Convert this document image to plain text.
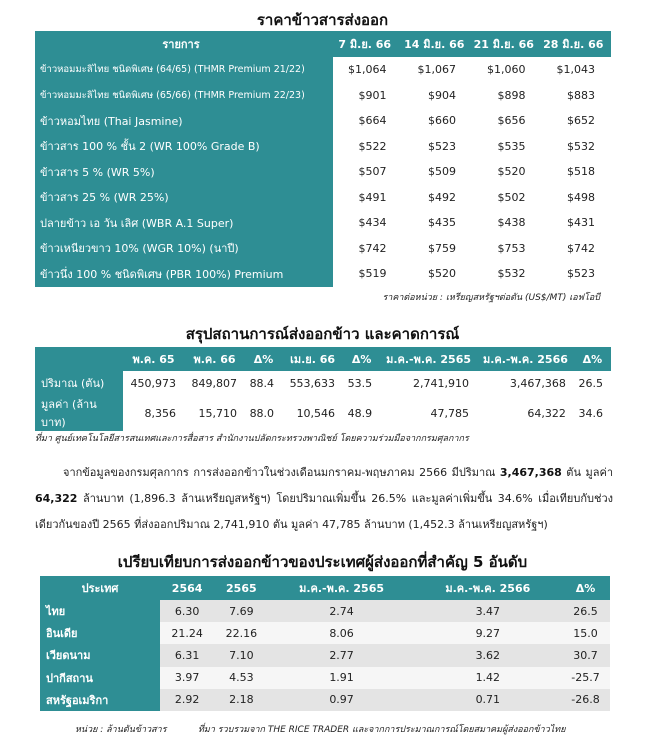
ราคาข้าวสารส่งออก
รายการ	7 มิ.ย. 66	14 มิ.ย. 66	21 มิ.ย. 66	28 มิ.ย. 66
ข้าวหอมมะลิไทย ชนิดพิเศษ (64/65) (THMR Premium 21/22)	$1,064	$1,067	$1,060	$1,043
ข้าวหอมมะลิไทย ชนิดพิเศษ (65/66) (THMR Premium 22/23)	$901	$904	$898	$883
ข้าวหอมไทย (Thai Jasmine)	$664	$660	$656	$652
ข้าวสาร 100 % ชั้น 2 (WR 100% Grade B)	$522	$523	$535	$532
ข้าวสาร 5 % (WR 5%)	$507	$509	$520	$518
ข้าวสาร 25 % (WR 25%)	$491	$492	$502	$498
ปลายข้าว เอ วัน เลิศ (WBR A.1 Super)	$434	$435	$438	$431
ข้าวเหนียวขาว 10% (WGR 10%) (นาปี)	$742	$759	$753	$742
ข้าวนึ่ง 100 % ชนิดพิเศษ (PBR 100%) Premium	$519	$520	$532	$523
ราคาต่อหน่วย : เหรียญสหรัฐฯต่อตัน (US$/MT) เอฟโอบี
สรุปสถานการณ์ส่งออกข้าว และคาดการณ์
	พ.ค. 65	พ.ค. 66	Δ%	เม.ย. 66	Δ%	ม.ค.-พ.ค. 2565	ม.ค.-พ.ค. 2566	Δ%
ปริมาณ (ตัน)	450,973	849,807	88.4	553,633	53.5	2,741,910	3,467,368	26.5
มูลค่า (ล้านบาท)	8,356	15,710	88.0	10,546	48.9	47,785	64,322	34.6
ที่มา ศูนย์เทคโนโลยีสารสนเทศและการสื่อสาร สำนักงานปลัดกระทรวงพาณิชย์ โดยความร่วมมือจากกรมศุลกากร

จากข้อมูลของกรมศุลกากร การส่งออกข้าวในช่วงเดือนมกราคม-พฤษภาคม 2566 มีปริมาณ 3,467,368 ตัน มูลค่า 64,322 ล้านบาท (1,896.3 ล้านเหรียญสหรัฐฯ) โดยปริมาณเพิ่มขึ้น 26.5% และมูลค่าเพิ่มขึ้น 34.6% เมื่อเทียบกับช่วงเดียวกันของปี 2565 ที่ส่งออกปริมาณ 2,741,910 ตัน มูลค่า 47,785 ล้านบาท (1,452.3 ล้านเหรียญสหรัฐฯ)

เปรียบเทียบการส่งออกข้าวของประเทศผู้ส่งออกที่สำคัญ 5 อันดับ
ประเทศ	2564	2565	ม.ค.-พ.ค. 2565	ม.ค.-พ.ค. 2566	Δ%
ไทย	6.30	7.69	2.74	3.47	26.5
อินเดีย	21.24	22.16	8.06	9.27	15.0
เวียดนาม	6.31	7.10	2.77	3.62	30.7
ปากีสถาน	3.97	4.53	1.91	1.42	-25.7
สหรัฐอเมริกา	2.92	2.18	0.97	0.71	-26.8
หน่วย : ล้านตันข้าวสาร	ที่มา รวบรวมจาก THE RICE TRADER และจากการประมาณการณ์โดยสมาคมผู้ส่งออกข้าวไทย
